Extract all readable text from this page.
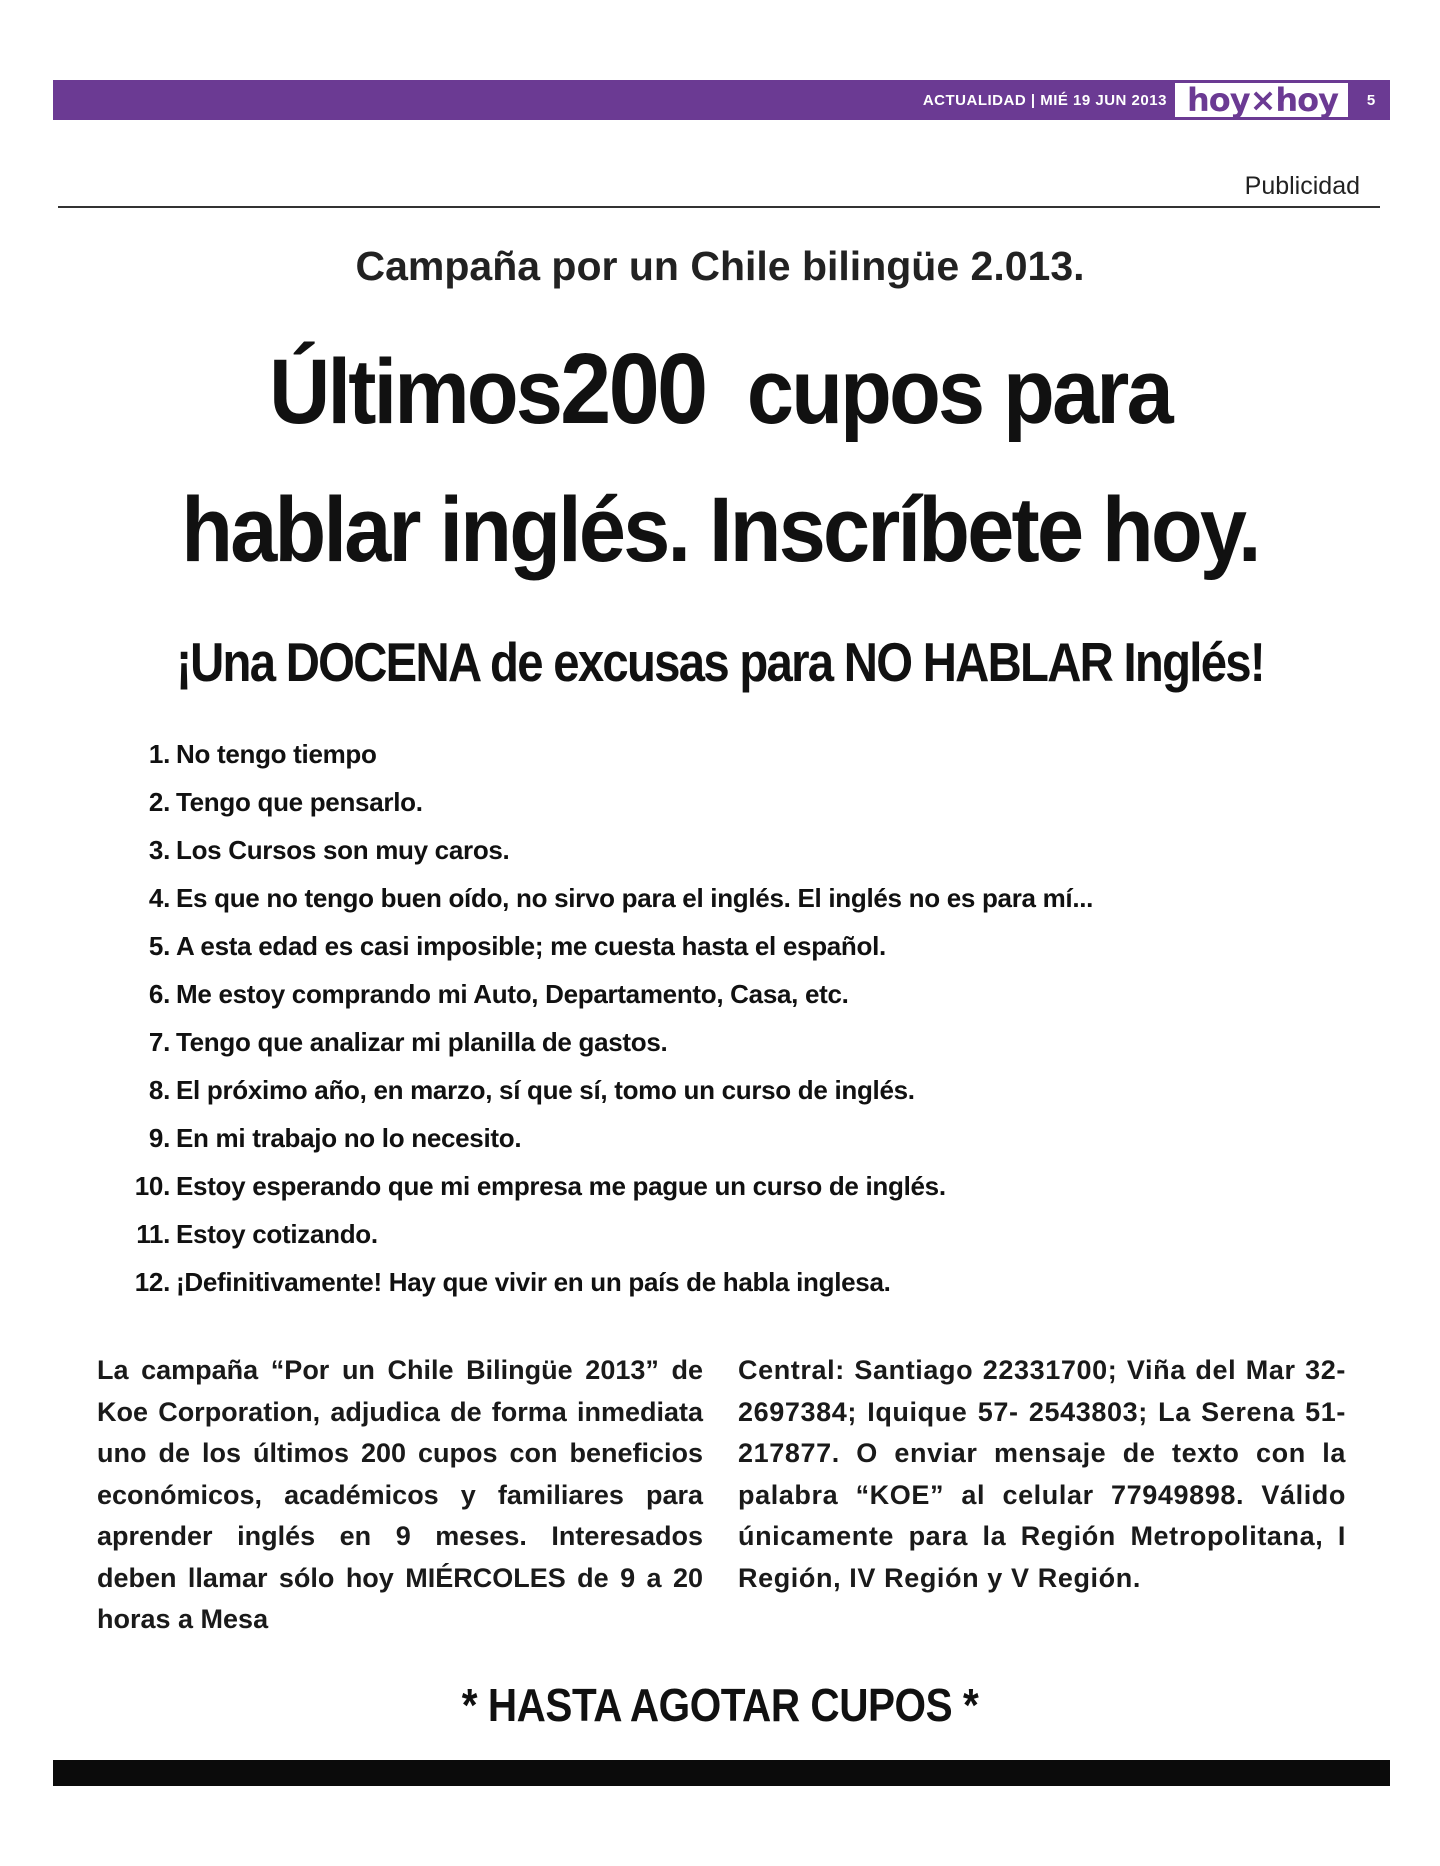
ACTUALIDAD | MIÉ 19 JUN 2013 hoy×hoy	5
Publicidad
Campaña por un Chile bilingüe 2.013.
Últimos200 cupos para
hablar inglés. Inscríbete hoy.
¡Una DOCENA de excusas para NO HABLAR Inglés!
1. No tengo tiempo
2. Tengo que pensarlo.
3. Los Cursos son muy caros.
4. Es que no tengo buen oído, no sirvo para el inglés. El inglés no es para mí...
5. A esta edad es casi imposible; me cuesta hasta el español.
6. Me estoy comprando mi Auto, Departamento, Casa, etc.
7. Tengo que analizar mi planilla de gastos.
8. El próximo año, en marzo, sí que sí, tomo un curso de inglés.
9. En mi trabajo no lo necesito.
10. Estoy esperando que mi empresa me pague un curso de inglés.
11. Estoy cotizando.
12. ¡Definitivamente! Hay que vivir en un país de habla inglesa.
La campaña “Por un Chile Bilingüe 2013” de Koe Corporation, adjudica de forma inmediata uno de los últimos 200 cupos con beneficios económicos, académicos y familiares para aprender inglés en 9 meses. Interesados deben llamar sólo hoy MIÉRCOLES de 9 a 20 horas a Mesa
Central: Santiago 22331700; Viña del Mar 32- 2697384; Iquique 57- 2543803; La Serena 51- 217877. O enviar mensaje de texto con la palabra “KOE” al celular 77949898. Válido únicamente para la Región Metropolitana, I Región, IV Región y V Región.
* HASTA AGOTAR CUPOS *
